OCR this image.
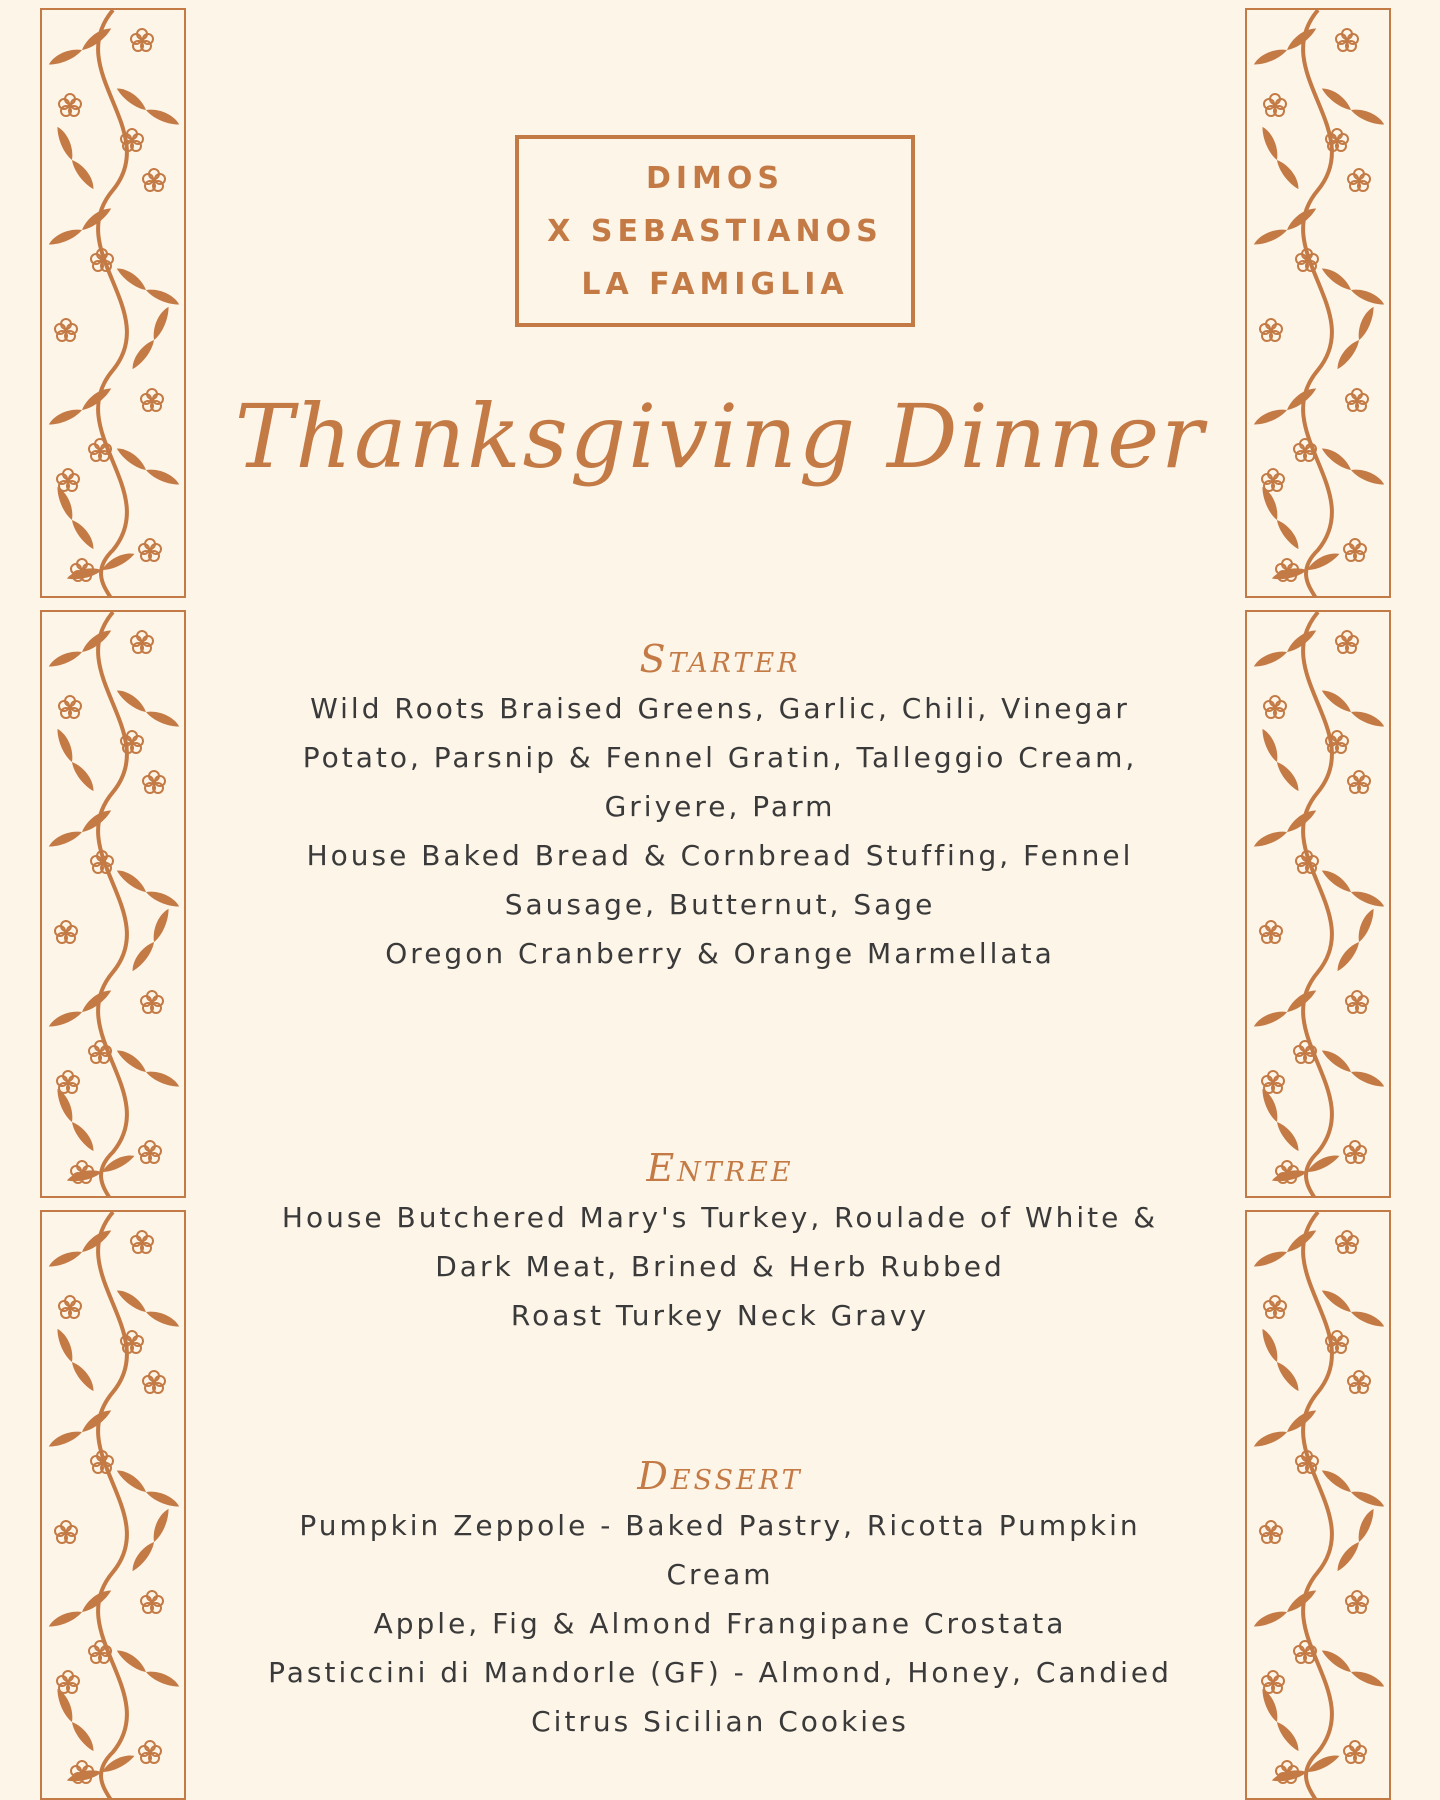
DIMOS
X SEBASTIANOS
LA FAMIGLIA
Thanksgiving Dinner
Starter
Wild Roots Braised Greens, Garlic, Chili, Vinegar
Potato, Parsnip & Fennel Gratin, Talleggio Cream,
Griyere, Parm
House Baked Bread & Cornbread Stuffing, Fennel
Sausage, Butternut, Sage
Oregon Cranberry & Orange Marmellata
Entree
House Butchered Mary's Turkey, Roulade of White &
Dark Meat, Brined & Herb Rubbed
Roast Turkey Neck Gravy
Dessert
Pumpkin Zeppole - Baked Pastry, Ricotta Pumpkin
Cream
Apple, Fig & Almond Frangipane Crostata
Pasticcini di Mandorle (GF) - Almond, Honey, Candied
Citrus Sicilian Cookies
